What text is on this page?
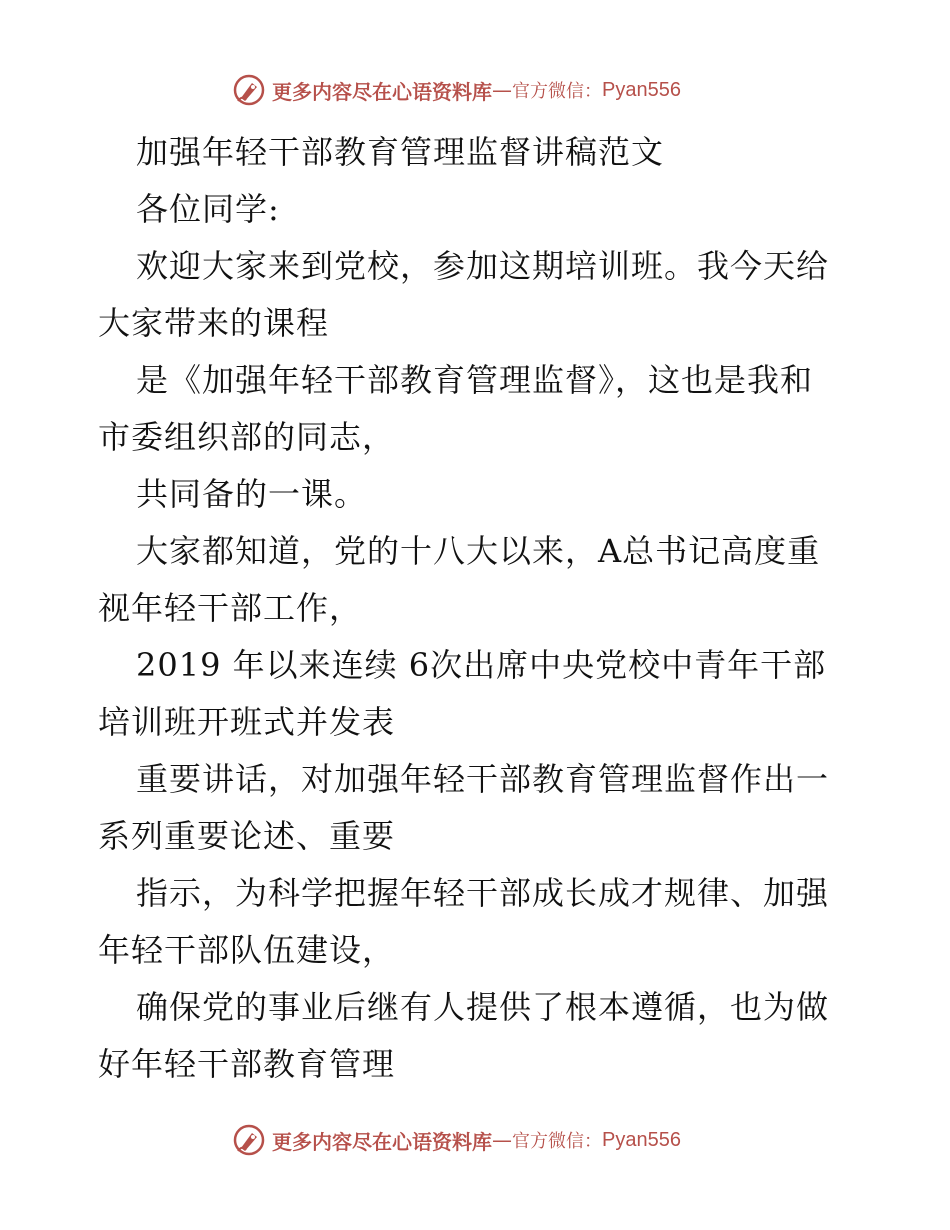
更多内容尽在心语资料库 — 官方微信： Pyan556
加强年轻干部教育管理监督讲稿范文
各位同学:
欢迎大家来到党校，参加这期培训班。我今天给
大家带来的课程
是《加强年轻干部教育管理监督》，这也是我和
市委组织部的同志，
共同备的一课。
大家都知道，党的十八大以来，A总书记高度重
视年轻干部工作，
2019 年以来连续 6次出席中央党校中青年干部
培训班开班式并发表
重要讲话，对加强年轻干部教育管理监督作出一
系列重要论述、重要
指示，为科学把握年轻干部成长成才规律、加强
年轻干部队伍建设，
确保党的事业后继有人提供了根本遵循，也为做
好年轻干部教育管理
更多内容尽在心语资料库 — 官方微信： Pyan556
